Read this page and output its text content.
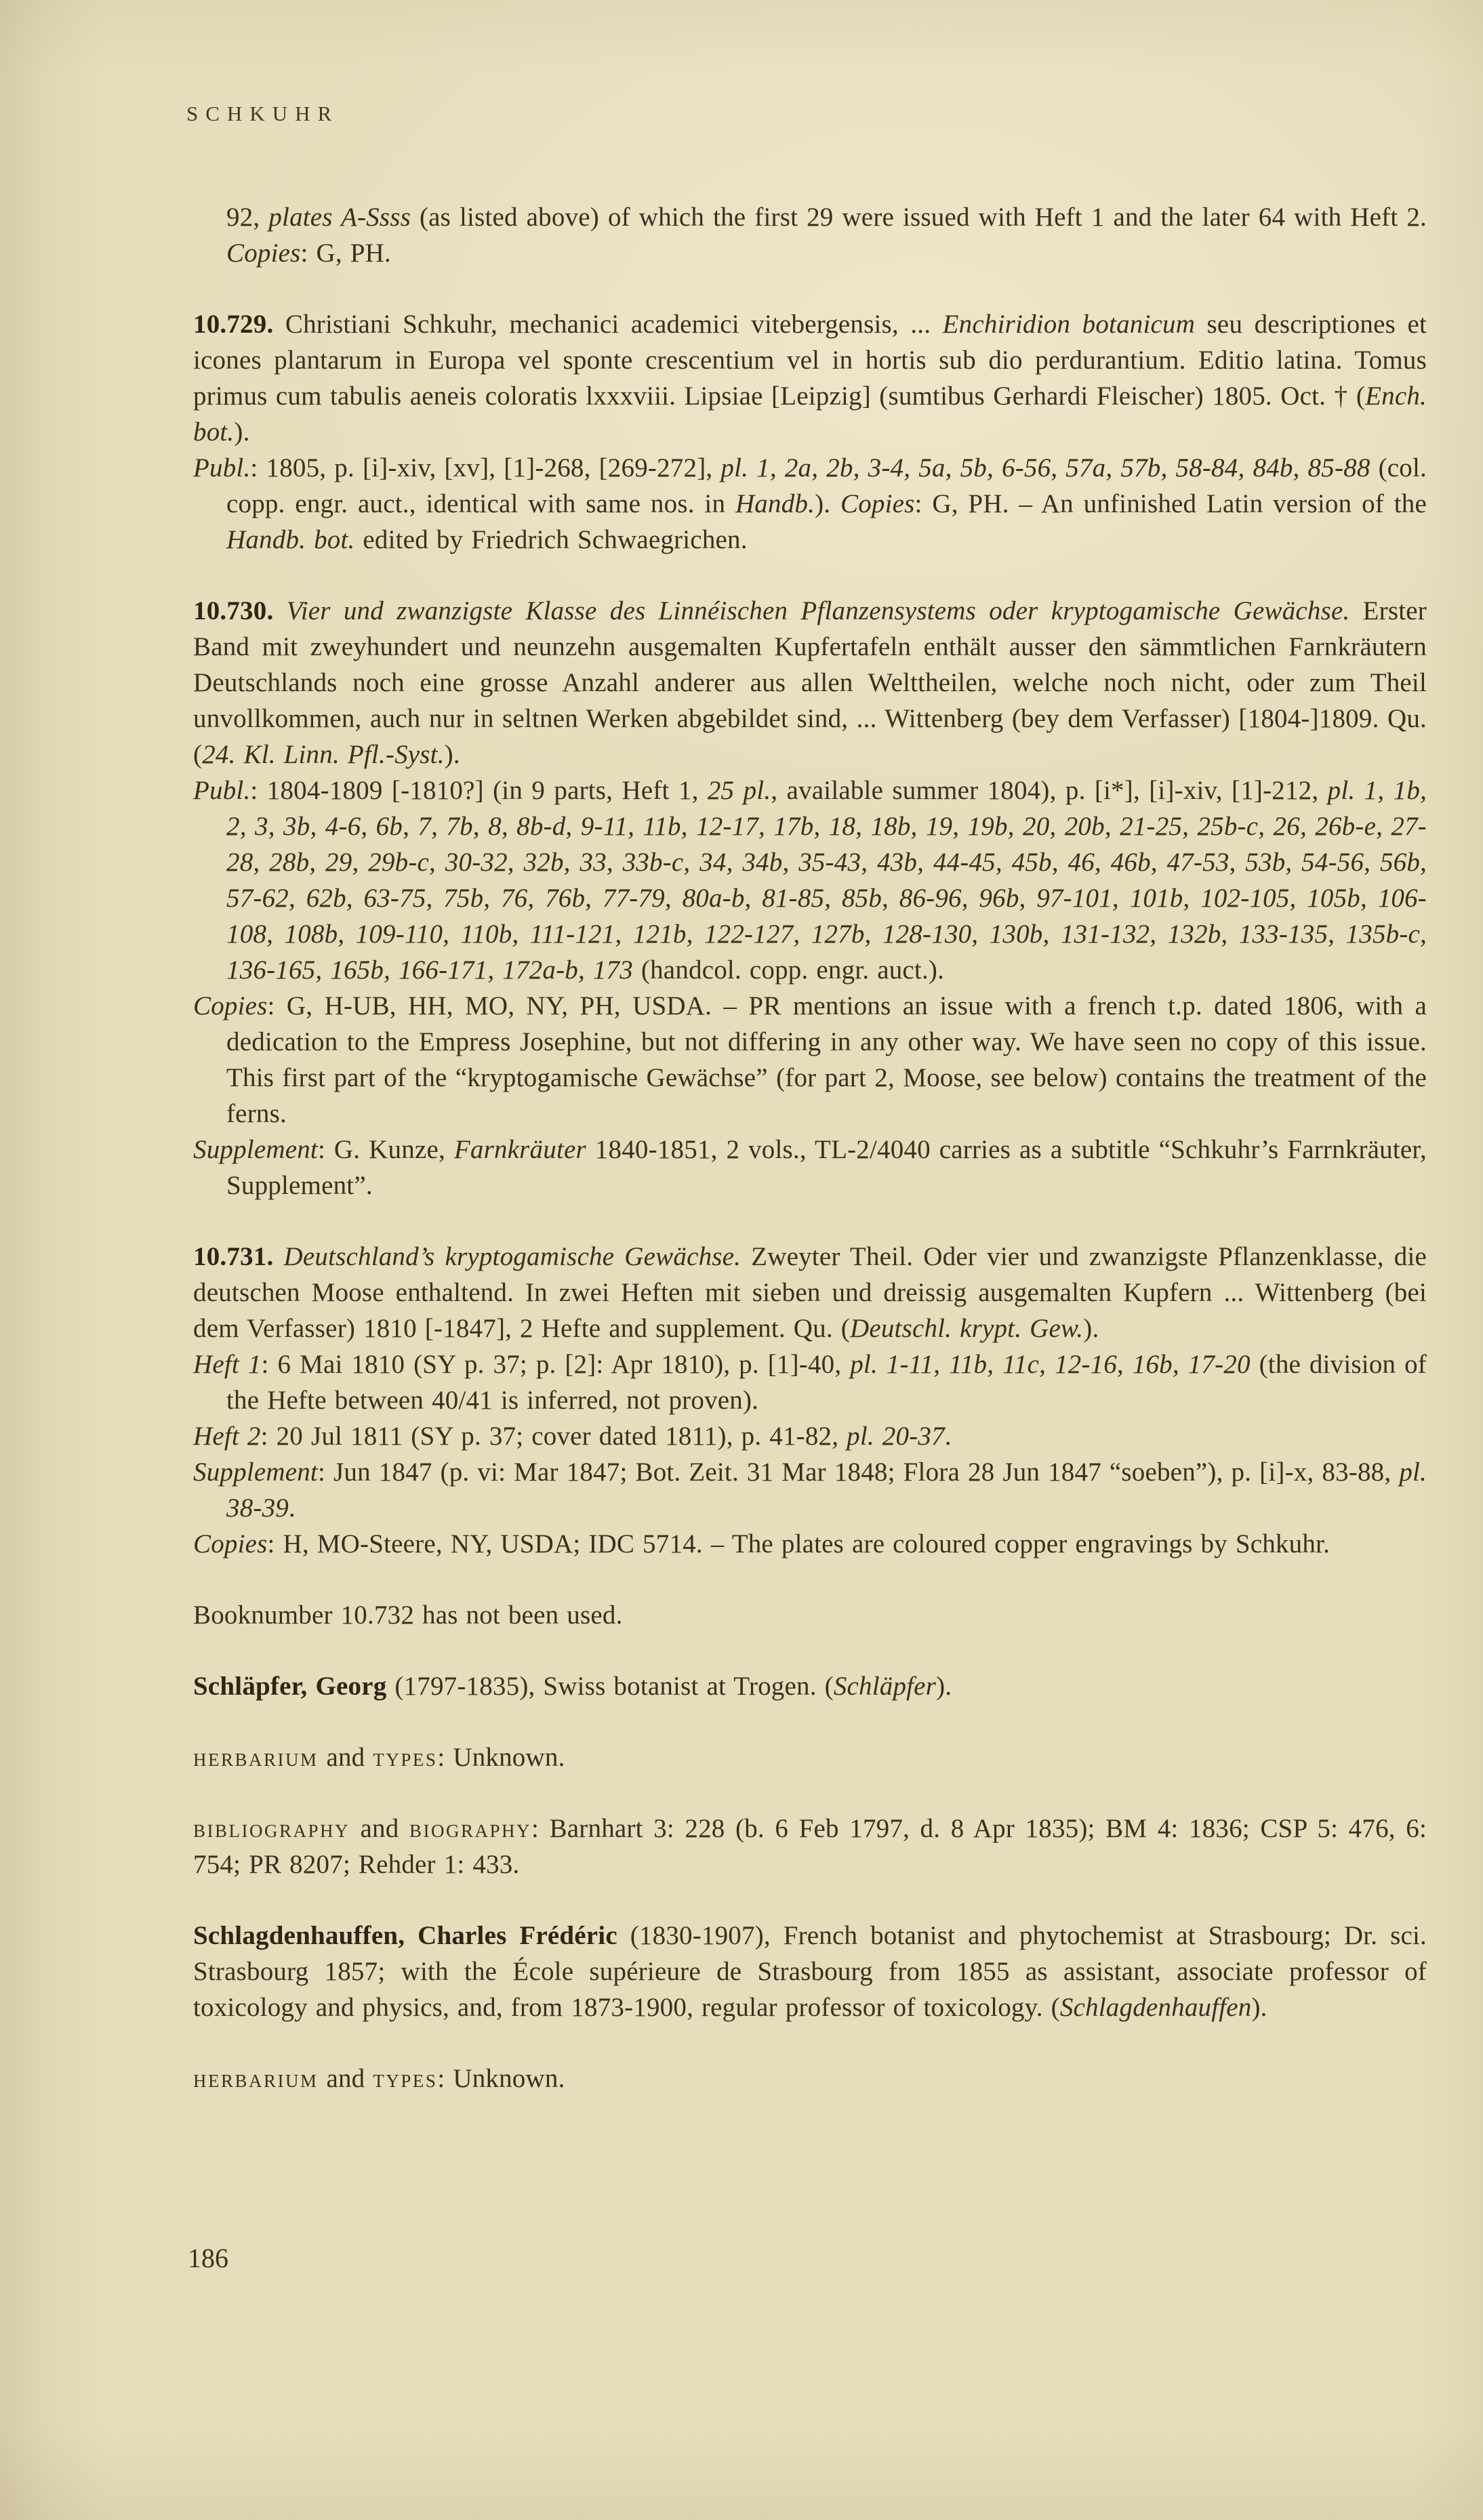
SCHKUHR

92, plates A-Ssss (as listed above) of which the first 29 were issued with Heft 1 and the later 64 with Heft 2. Copies: G, PH.

10.729. Christiani Schkuhr, mechanici academici vitebergensis, ... Enchiridion botanicum seu descriptiones et icones plantarum in Europa vel sponte crescentium vel in hortis sub dio perdurantium. Editio latina. Tomus primus cum tabulis aeneis coloratis lxxxviii. Lipsiae [Leipzig] (sumtibus Gerhardi Fleischer) 1805. Oct. † (Ench. bot.).

Publ.: 1805, p. [i]-xiv, [xv], [1]-268, [269-272], pl. 1, 2a, 2b, 3-4, 5a, 5b, 6-56, 57a, 57b, 58-84, 84b, 85-88 (col. copp. engr. auct., identical with same nos. in Handb.). Copies: G, PH. – An unfinished Latin version of the Handb. bot. edited by Friedrich Schwaegrichen.

10.730. Vier und zwanzigste Klasse des Linnéischen Pflanzensystems oder kryptogamische Gewächse. Erster Band mit zweyhundert und neunzehn ausgemalten Kupfertafeln enthält ausser den sämmtlichen Farnkräutern Deutschlands noch eine grosse Anzahl anderer aus allen Welttheilen, welche noch nicht, oder zum Theil unvollkommen, auch nur in seltnen Werken abgebildet sind, ... Wittenberg (bey dem Verfasser) [1804-]1809. Qu. (24. Kl. Linn. Pfl.-Syst.).

Publ.: 1804-1809 [-1810?] (in 9 parts, Heft 1, 25 pl., available summer 1804), p. [i*], [i]-xiv, [1]-212, pl. 1, 1b, 2, 3, 3b, 4-6, 6b, 7, 7b, 8, 8b-d, 9-11, 11b, 12-17, 17b, 18, 18b, 19, 19b, 20, 20b, 21-25, 25b-c, 26, 26b-e, 27-28, 28b, 29, 29b-c, 30-32, 32b, 33, 33b-c, 34, 34b, 35-43, 43b, 44-45, 45b, 46, 46b, 47-53, 53b, 54-56, 56b, 57-62, 62b, 63-75, 75b, 76, 76b, 77-79, 80a-b, 81-85, 85b, 86-96, 96b, 97-101, 101b, 102-105, 105b, 106-108, 108b, 109-110, 110b, 111-121, 121b, 122-127, 127b, 128-130, 130b, 131-132, 132b, 133-135, 135b-c, 136-165, 165b, 166-171, 172a-b, 173 (handcol. copp. engr. auct.).

Copies: G, H-UB, HH, MO, NY, PH, USDA. – PR mentions an issue with a french t.p. dated 1806, with a dedication to the Empress Josephine, but not differing in any other way. We have seen no copy of this issue. This first part of the “kryptogamische Gewächse” (for part 2, Moose, see below) contains the treatment of the ferns.

Supplement: G. Kunze, Farnkräuter 1840-1851, 2 vols., TL-2/4040 carries as a subtitle “Schkuhr’s Farrnkräuter, Supplement”.

10.731. Deutschland’s kryptogamische Gewächse. Zweyter Theil. Oder vier und zwanzigste Pflanzenklasse, die deutschen Moose enthaltend. In zwei Heften mit sieben und dreissig ausgemalten Kupfern ... Wittenberg (bei dem Verfasser) 1810 [-1847], 2 Hefte and supplement. Qu. (Deutschl. krypt. Gew.).

Heft 1: 6 Mai 1810 (SY p. 37; p. [2]: Apr 1810), p. [1]-40, pl. 1-11, 11b, 11c, 12-16, 16b, 17-20 (the division of the Hefte between 40/41 is inferred, not proven).

Heft 2: 20 Jul 1811 (SY p. 37; cover dated 1811), p. 41-82, pl. 20-37.

Supplement: Jun 1847 (p. vi: Mar 1847; Bot. Zeit. 31 Mar 1848; Flora 28 Jun 1847 “soeben”), p. [i]-x, 83-88, pl. 38-39.

Copies: H, MO-Steere, NY, USDA; IDC 5714. – The plates are coloured copper engravings by Schkuhr.

Booknumber 10.732 has not been used.

Schläpfer, Georg (1797-1835), Swiss botanist at Trogen. (Schläpfer).

herbarium and types: Unknown.

bibliography and biography: Barnhart 3: 228 (b. 6 Feb 1797, d. 8 Apr 1835); BM 4: 1836; CSP 5: 476, 6: 754; PR 8207; Rehder 1: 433.

Schlagdenhauffen, Charles Frédéric (1830-1907), French botanist and phytochemist at Strasbourg; Dr. sci. Strasbourg 1857; with the École supérieure de Strasbourg from 1855 as assistant, associate professor of toxicology and physics, and, from 1873-1900, regular professor of toxicology. (Schlagdenhauffen).

herbarium and types: Unknown.

186
